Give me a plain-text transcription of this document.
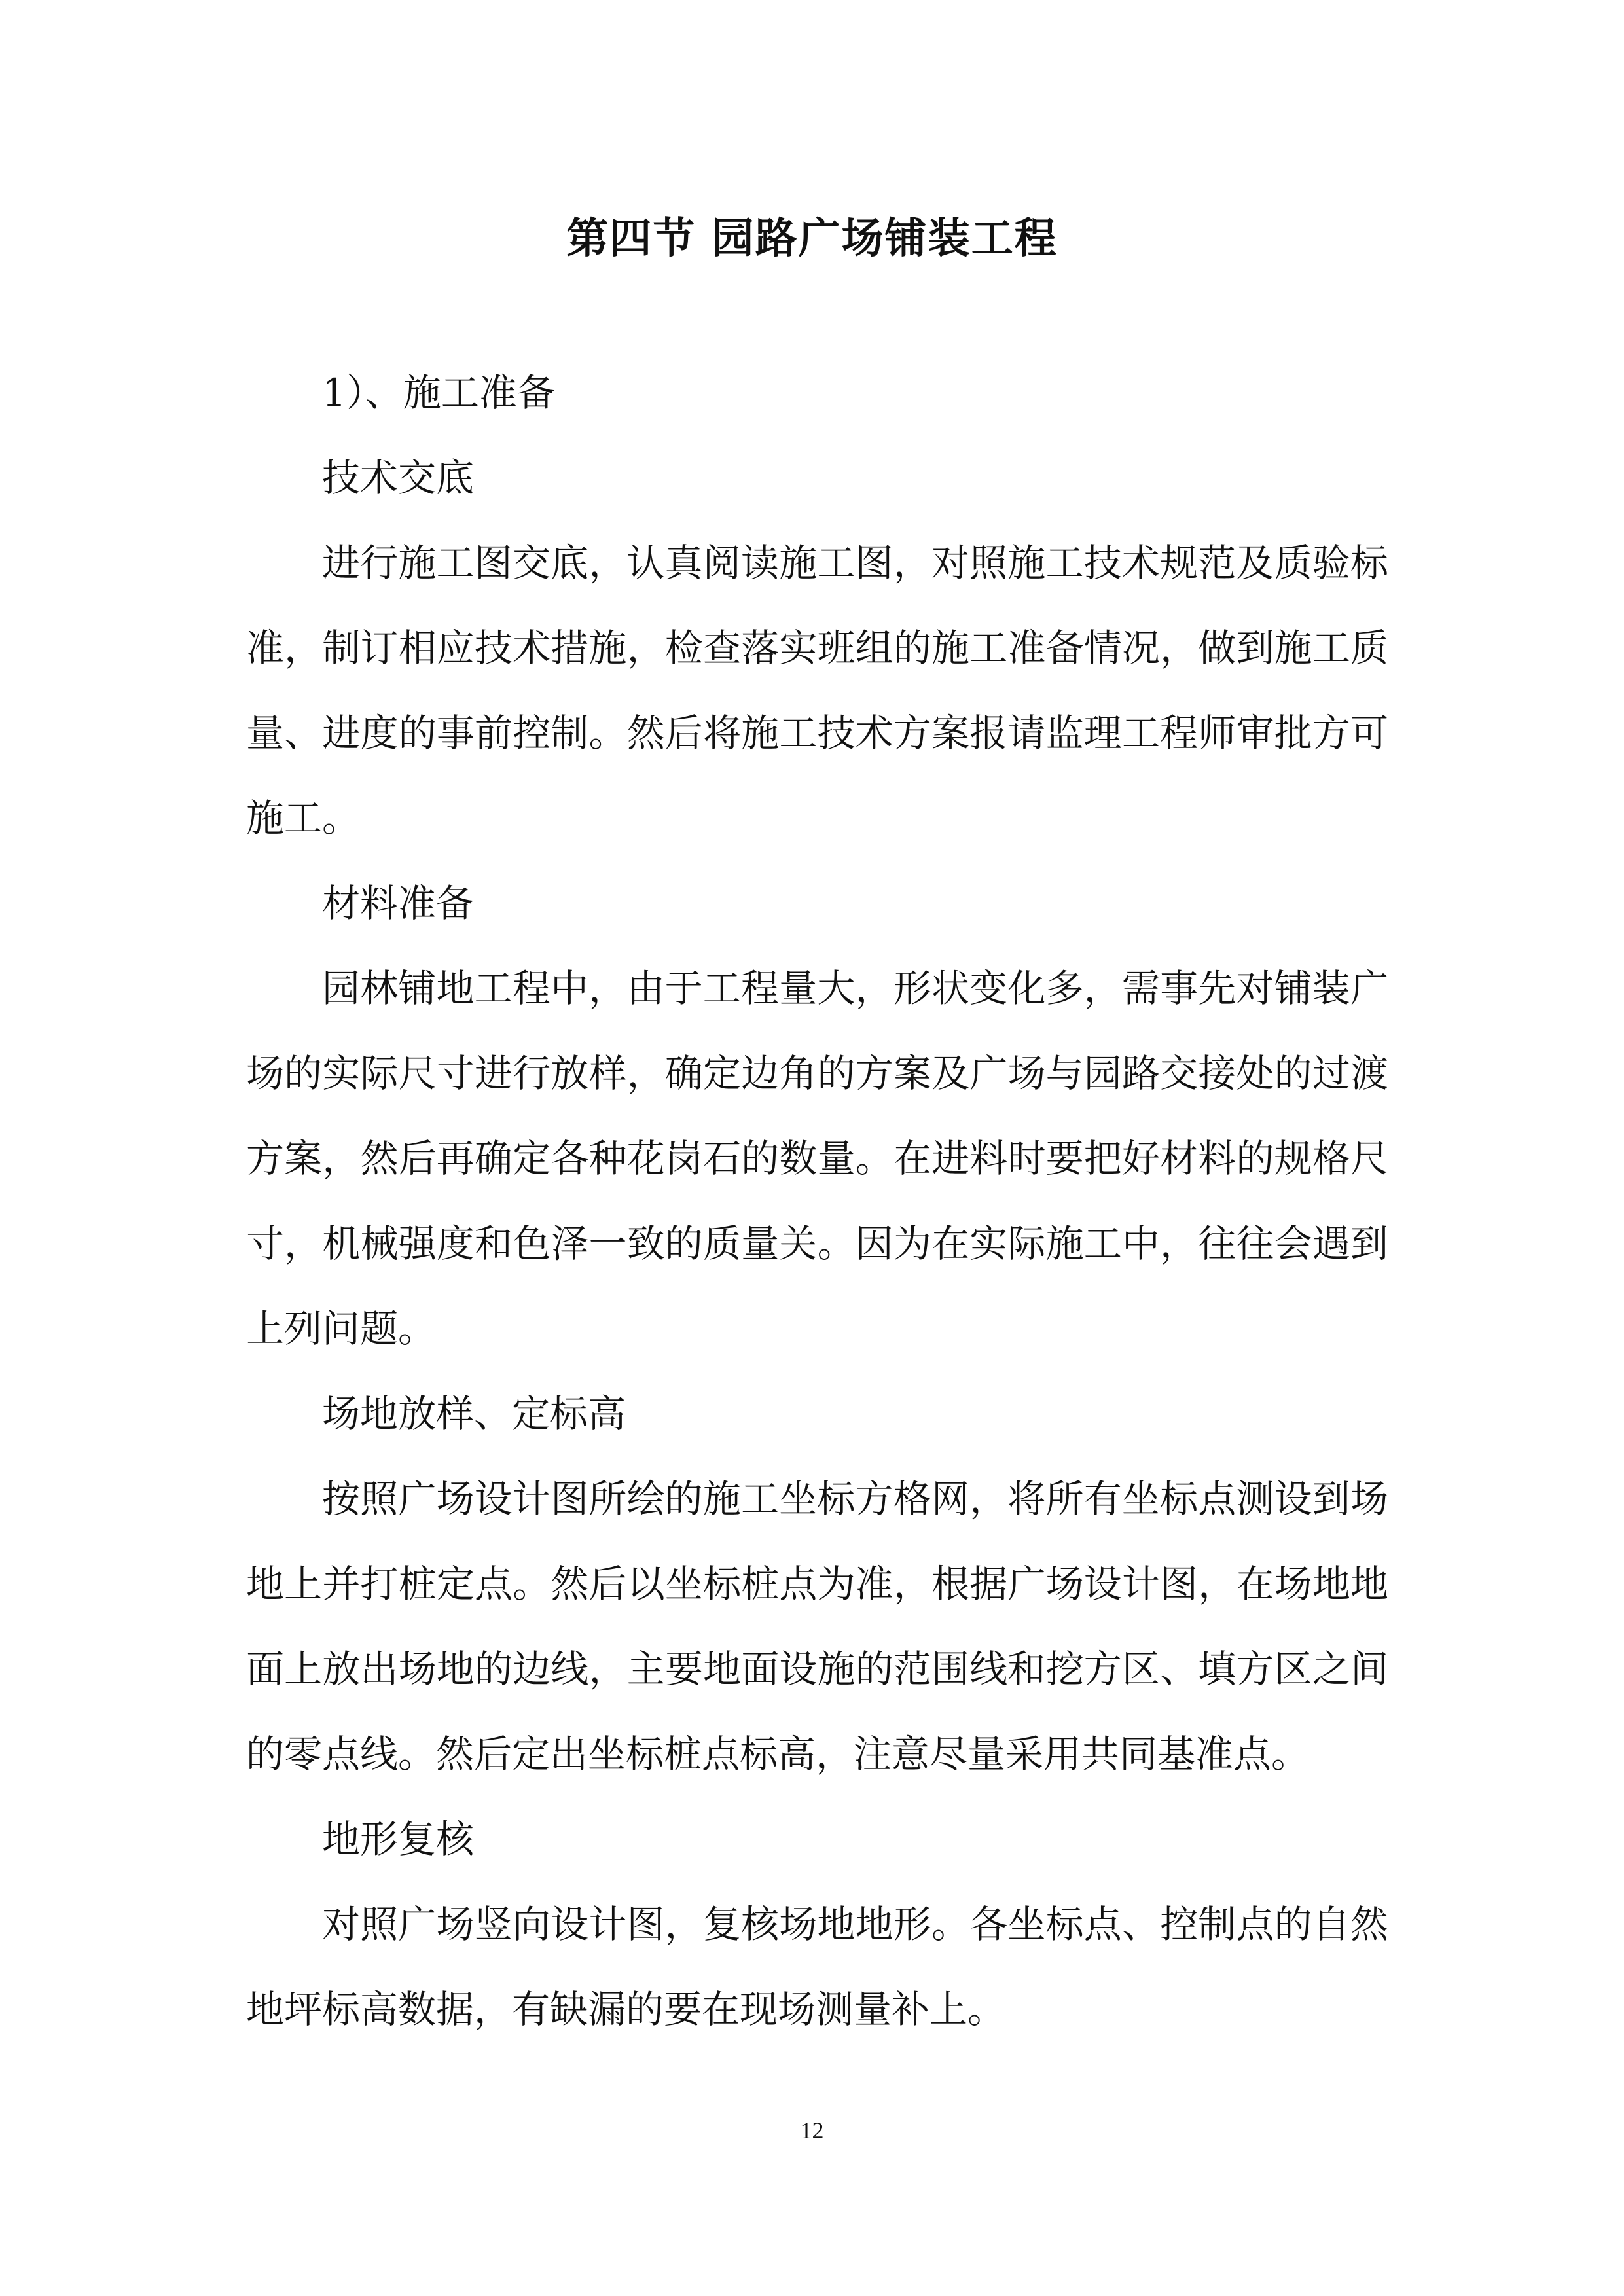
第四节 园路广场铺装工程

1）、施工准备

技术交底

进行施工图交底，认真阅读施工图，对照施工技术规范及质验标准，制订相应技术措施，检查落实班组的施工准备情况，做到施工质量、进度的事前控制。然后将施工技术方案报请监理工程师审批方可施工。

材料准备

园林铺地工程中，由于工程量大，形状变化多，需事先对铺装广场的实际尺寸进行放样，确定边角的方案及广场与园路交接处的过渡方案，然后再确定各种花岗石的数量。在进料时要把好材料的规格尺寸，机械强度和色泽一致的质量关。因为在实际施工中，往往会遇到上列问题。

场地放样、定标高

按照广场设计图所绘的施工坐标方格网，将所有坐标点测设到场地上并打桩定点。然后以坐标桩点为准，根据广场设计图，在场地地面上放出场地的边线，主要地面设施的范围线和挖方区、填方区之间的零点线。然后定出坐标桩点标高，注意尽量采用共同基准点。

地形复核

对照广场竖向设计图，复核场地地形。各坐标点、控制点的自然地坪标高数据，有缺漏的要在现场测量补上。

12
